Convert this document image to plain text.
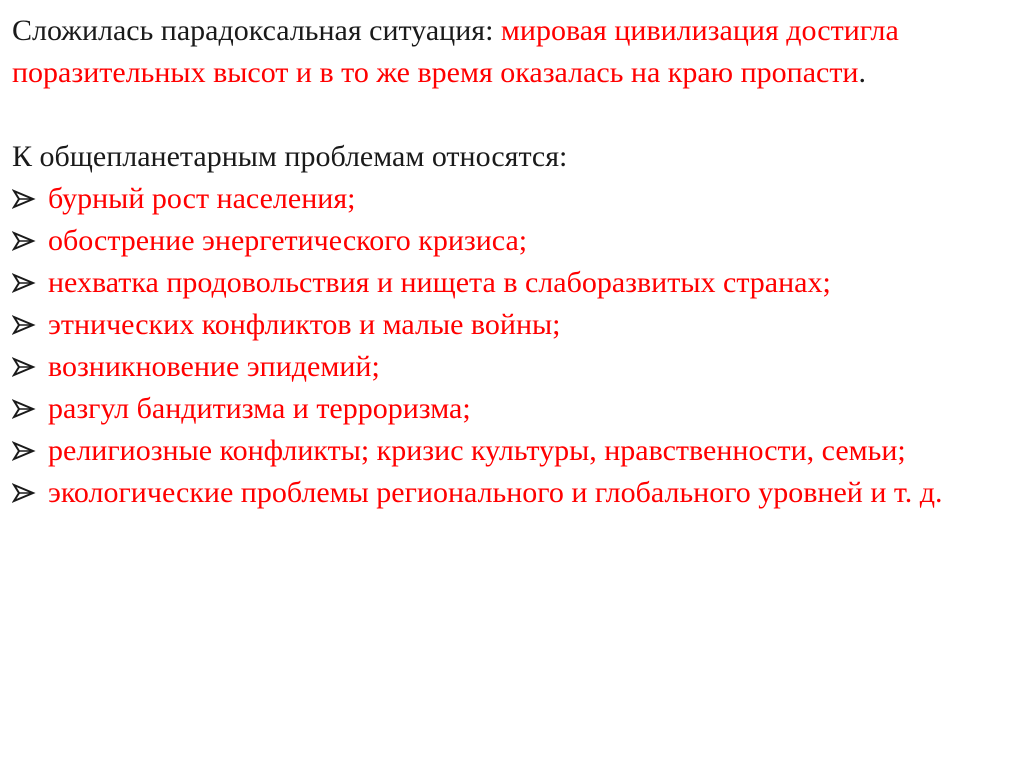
Сложилась парадоксальная ситуация: мировая цивилизация достигла поразительных высот и в то же время оказалась на краю пропасти.

К общепланетарным проблемам относятся:

бурный рост населения;
обострение энергетического кризиса;
нехватка продовольствия и нищета в слаборазвитых странах;
этнических конфликтов и малые войны;
возникновение эпидемий;
разгул бандитизма и терроризма;
религиозные конфликты; кризис культуры, нравственности, семьи;
экологические проблемы регионального и глобального уровней и т. д.
